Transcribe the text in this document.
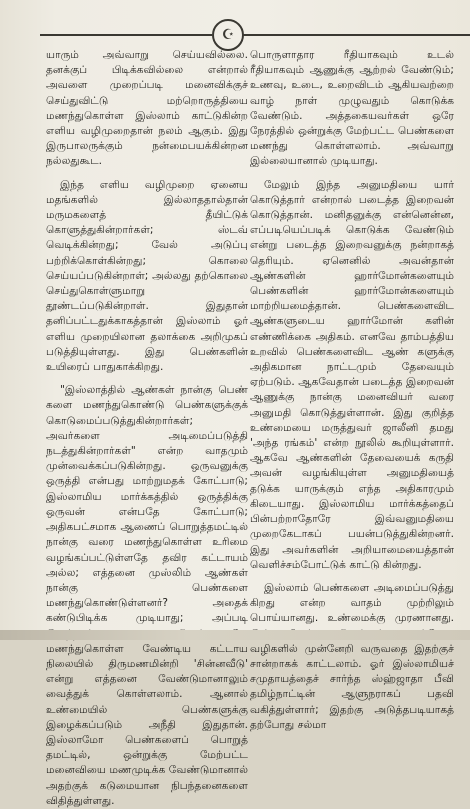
☪

யாரும் அவ்வாறு செய்யவில்லை. தனக்குப் பிடிக்கவில்லை என்றால் அவளை முறைப்படி மனைவிக்குச் செய்துவிட்டு மற்றொருத்தியை மணந்துகொள்ள இஸ்லாம் காட்டுகின்ற எளிய வழிமுறைதான் நலம் ஆகும். இது இருபாலருக்கும் நன்மைபயக்கின்றன நல்லதுகூட.

இந்த எளிய வழிமுறை ஏனைய மதங்களில் இல்லாததால்தான் மருமகளைத் தீயிட்டுக் கொளுத்துகின்றார்கள்; ஸ்டவ் வெடிக்கின்றது; வேல் அடுப்பு பற்றிக்கொள்கின்றது; கொலை செய்யப்படுகின்றாள்; அல்லது தற்கொலை செய்துகொள்ளுமாறு தூண்டப்படுகின்றாள். இதுதான் தனிப்பட்டதுக்காகத்தான் இஸ்லாம் ஓர் எளிய முறையிலான தலாக்கை அறிமுகப் படுத்தியுள்ளது. இது பெண்களின் உயிரைப் பாதுகாக்கிறது.

"இஸ்லாத்தில் ஆண்கள் நான்கு பெண் களை மணந்துகொண்டு பெண்களுக்குக் கொடுமைப்படுத்துகின்றார்கள்; அவர்களை அடிமைப்படுத்தி நடத்துகின்றார்கள்" என்ற வாதமும் முன்வைக்கப்படுகின்றது. ஒருவனுக்கு ஒருத்தி என்பது மாற்றுமதக் கோட்பாடு; இஸ்லாமிய மார்க்கத்தில் ஒருத்திக்கு ஒருவன் என்பதே கோட்பாடு; அதிகபட்சமாக ஆணைப் பொறுத்தமட்டில் நான்கு வரை மணந்துகொள்ள உரிமை வழங்கப்பட்டுள்ளதே தவிர கட்டாயம் அல்ல; எத்தனை முஸ்லிம் ஆண்கள் நான்கு பெண்களை மணந்துகொண்டுள்ளனர்? அதைக் கண்டுபிடிக்க முடியாது; அப்படி மணந்துகொள்ள வேண்டிய கட்டாய நிலையில் திருமணமின்றி 'சின்னவீடு' என்று எத்தனை வேண்டுமானாலும் வைத்துக் கொள்ளலாம். ஆனால் உண்மையில் பெண்களுக்கு இழைக்கப்படும் அநீதி இதுதான். இஸ்லாமோ பெண்களைப் பொறுத் தமட்டில், ஒன்றுக்கு மேற்பட்ட மனைவியை மணமுடிக்க வேண்டுமானால் அதற்குக் கடுமையான நிபந்தனைகளை விதித்துள்ளது.

பொருளாதார ரீதியாகவும் உடல் ரீதியாகவும் ஆணுக்கு ஆற்றல் வேண்டும்; உணவு, உடை, உறைவிடம் ஆகியவற்றை வாழ் நாள் முழுவதும் கொடுக்க வேண்டும். அத்தகையவர்கள் ஒரே நேரத்தில் ஒன்றுக்கு மேற்பட்ட பெண்களை மணந்து கொள்ளலாம். அவ்வாறு இல்லையானால் முடியாது.

மேலும் இந்த அனுமதியை யார் கொடுத்தார் என்றால் படைத்த இறைவன் கொடுத்தான். மனிதனுக்கு என்னென்ன, எப்படியெப்படிக் கொடுக்க வேண்டும் என்று படைத்த இறைவனுக்கு நன்றாகத் தெரியும். ஏனெனில் அவன்தான் ஆண்களின் ஹார்மோன்களையும் பெண்களின் ஹார்மோன்களையும் மாற்றியமைத்தான். பெண்களைவிட ஆண்களுடைய ஹார்மோன் களின் எண்ணிக்கை அதிகம். எனவே தாம்பத்திய உறவில் பெண்களைவிட ஆண் களுக்கு அதிகமான நாட்டமும் தேவையும் ஏற்படும். ஆகவேதான் படைத்த இறைவன் ஆணுக்கு நான்கு மனைவியர் வரை அனுமதி கொடுத்துள்ளான். இது குறித்த உண்மையை மருத்துவர் ஜாலீனி தமது 'அந்த ரங்கம்' என்ற நூலில் கூறியுள்ளார். ஆகவே ஆண்களின் தேவையைக் கருதி அவன் வழங்கியுள்ள அனுமதியைத் தடுக்க யாருக்கும் எந்த அதிகாரமும் கிடையாது. இஸ்லாமிய மார்க்கத்தைப் பின்பற்றாதோரே இவ்வனுமதியை முறைகேடாகப் பயன்படுத்துகின்றனர். இது அவர்களின் அறியாமையைத்தான் வெளிச்சம்போட்டுக் காட்டு கின்றது.

இஸ்லாம் பெண்களை அடிமைப்படுத்து கிறது என்ற வாதம் முற்றிலும் பொய்யானது. உண்மைக்கு முரணானது. வழிகளில் முன்னேறி வருவதை இதற்குச் சான்றாகக் காட்டலாம். ஓர் இஸ்லாமியச் சமுதாயத்தைச் சார்ந்த ஸ்ஹ்ஜாதா பீவி தமிழ்நாட்டின் ஆளுநராகப் பதவி வகித்துள்ளார்; இதற்கு அடுத்தபடியாகத் தற்போது சல்மா
